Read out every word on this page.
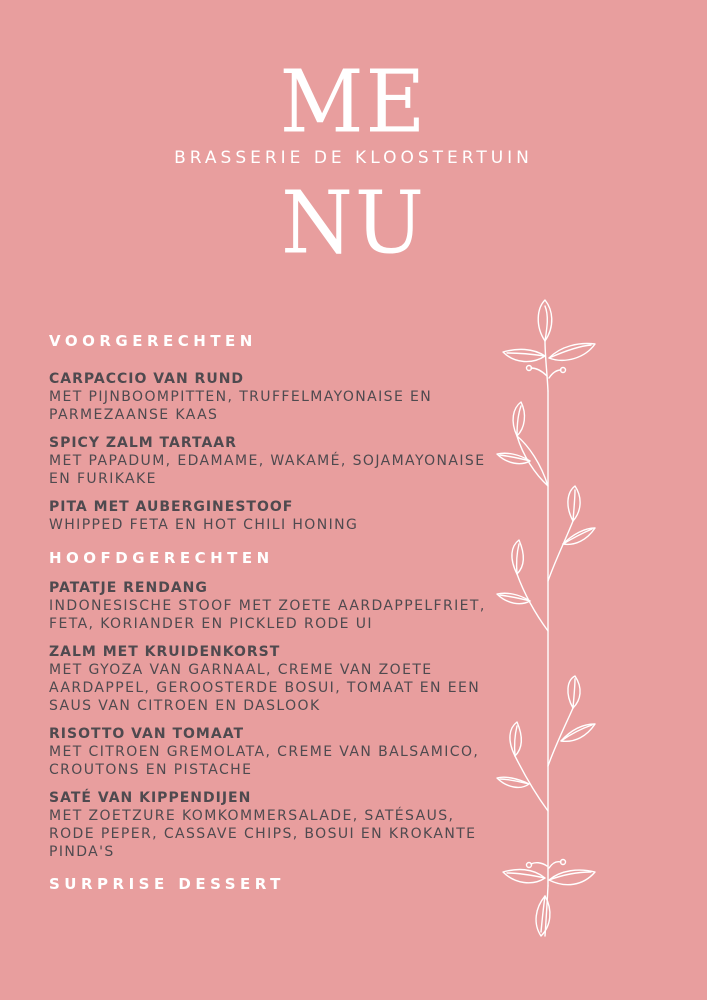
ME
BRASSERIE DE KLOOSTERTUIN
NU
VOORGERECHTEN
CARPACCIO VAN RUND
MET PIJNBOOMPITTEN, TRUFFELMAYONAISE EN PARMEZAANSE KAAS
SPICY ZALM TARTAAR
MET PAPADUM, EDAMAME, WAKAMÉ, SOJAMAYONAISE EN FURIKAKE
PITA MET AUBERGINESTOOF
WHIPPED FETA EN HOT CHILI HONING
HOOFDGERECHTEN
PATATJE RENDANG
INDONESISCHE STOOF MET ZOETE AARDAPPELFRIET, FETA, KORIANDER EN PICKLED RODE UI
ZALM MET KRUIDENKORST
MET GYOZA VAN GARNAAL, CREME VAN ZOETE AARDAPPEL, GEROOSTERDE BOSUI, TOMAAT EN EEN SAUS VAN CITROEN EN DASLOOK
RISOTTO VAN TOMAAT
MET CITROEN GREMOLATA, CREME VAN BALSAMICO, CROUTONS EN PISTACHE
SATÉ VAN KIPPENDIJEN
MET ZOETZURE KOMKOMMERSALADE, SATÉSAUS, RODE PEPER, CASSAVE CHIPS, BOSUI EN KROKANTE PINDA'S
SURPRISE DESSERT
